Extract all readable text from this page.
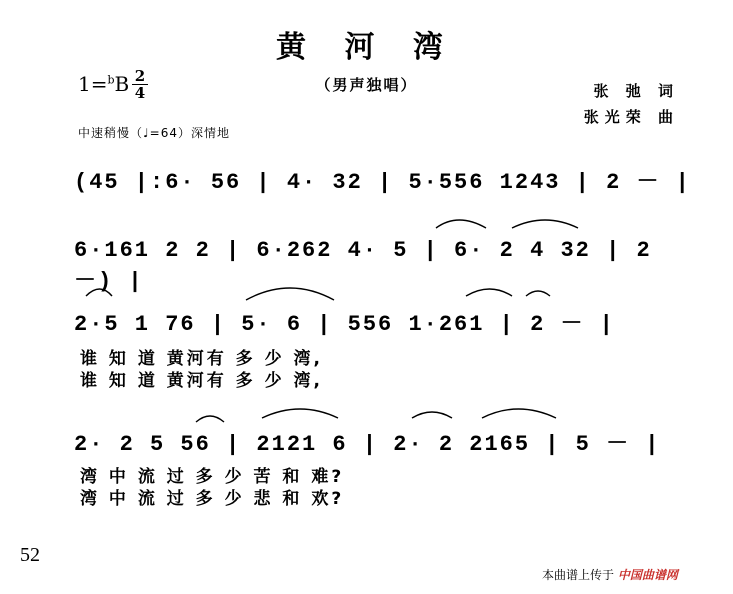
黄 河 湾
（男声独唱）
1=$^b$B 2
4
中速稍慢（♩=64）深情地
张 弛 词
张光荣 曲
(45 |:6· 56 | 4· 32 | 5·556 1243 | 2 － |
6·161 2 2 | 6·262 4· 5 | 6· 2 4 32 | 2 －) |
2·5 1 76 | 5· 6 | 556 1·261 | 2 － |
谁 知 道 黄河有 多 少 湾,
谁 知 道 黄河有 多 少 湾,
2· 2 5 56 | 2121 6 | 2· 2 2165 | 5 － |
湾 中 流 过 多 少 苦 和 难?
湾 中 流 过 多 少 悲 和 欢?
52
本曲谱上传于 中国曲谱网
